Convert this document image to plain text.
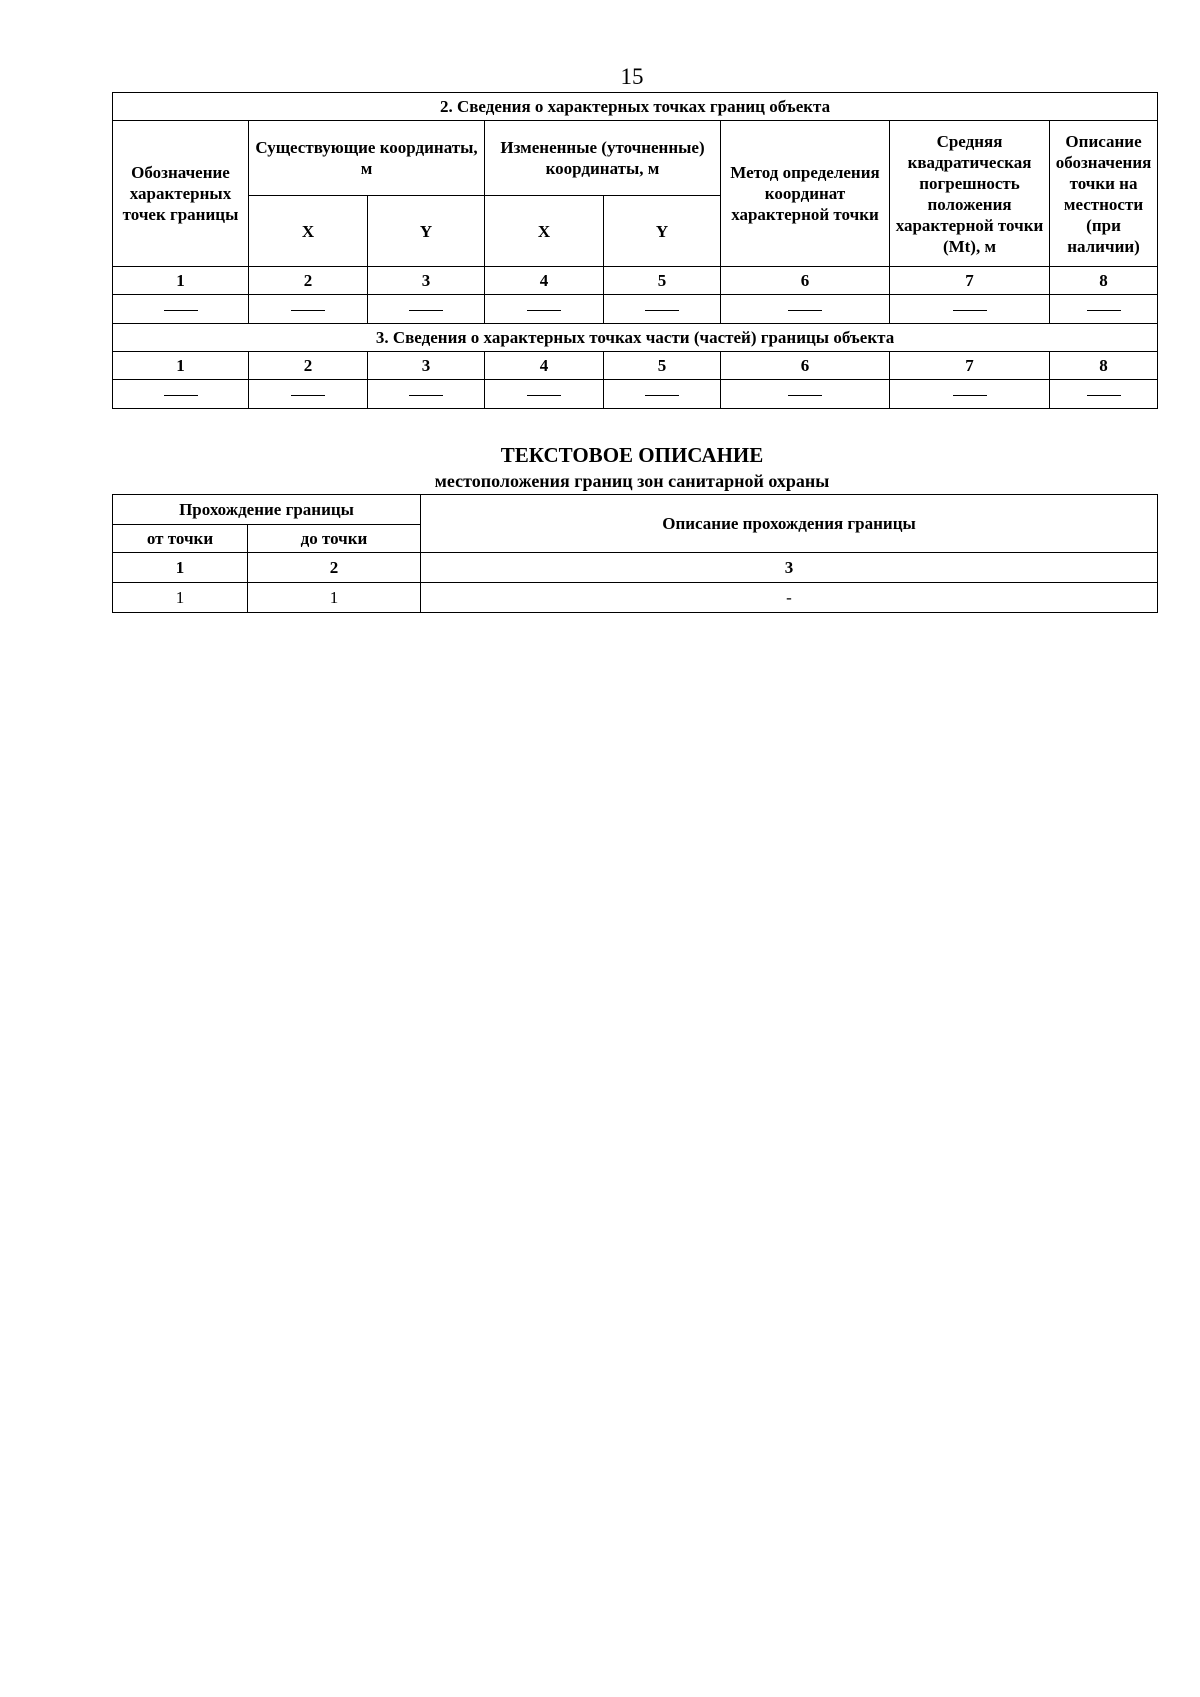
15
2. Сведения о характерных точках границ объекта							
Обозначение характерных точек границы	Существующие координаты, м		Измененные (уточненные) координаты, м		Метод определения координат характерной точки	Средняя квадратическая погрешность положения характерной точки (Mt), м	Описание обозначения точки на местности (при наличии)
	X	Y	X	Y			
1	2	3	4	5	6	7	8

3. Сведения о характерных точках части (частей) границы объекта							
1	2	3	4	5	6	7	8

ТЕКСТОВОЕ ОПИСАНИЕ
местоположения границ зон санитарной охраны
Прохождение границы		Описание прохождения границы
от точки	до точки	
1	2	3
1	1	-
